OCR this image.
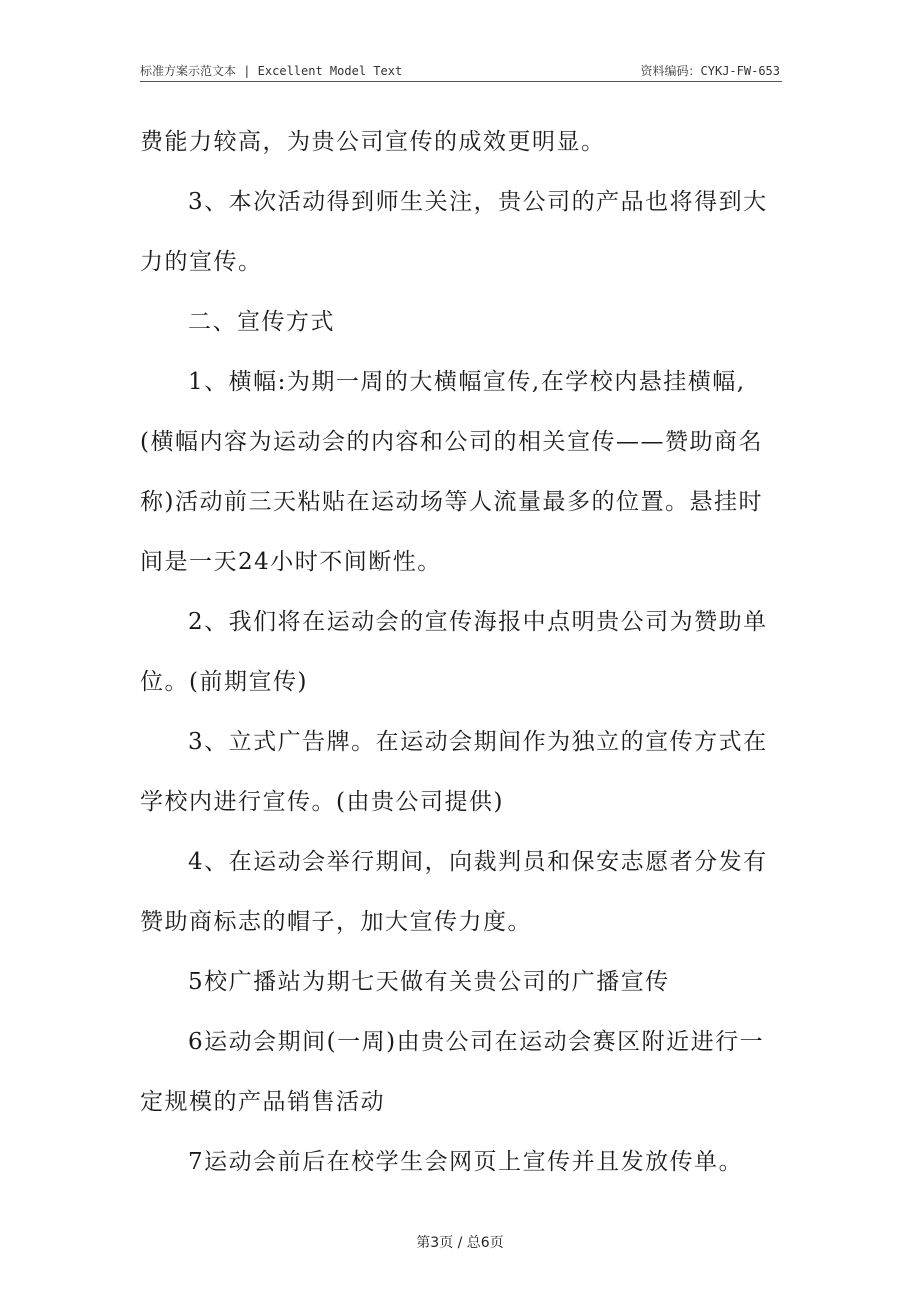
标准方案示范文本 | Excellent Model Text	资料编码：CYKJ-FW-653

费能力较高，为贵公司宣传的成效更明显。

3、本次活动得到师生关注，贵公司的产品也将得到大力的宣传。

二、宣传方式

1、横幅:为期一周的大横幅宣传,在学校内悬挂横幅,(横幅内容为运动会的内容和公司的相关宣传——赞助商名称)活动前三天粘贴在运动场等人流量最多的位置。悬挂时间是一天24小时不间断性。

2、我们将在运动会的宣传海报中点明贵公司为赞助单位。(前期宣传)

3、立式广告牌。在运动会期间作为独立的宣传方式在学校内进行宣传。(由贵公司提供)

4、在运动会举行期间，向裁判员和保安志愿者分发有赞助商标志的帽子，加大宣传力度。

5校广播站为期七天做有关贵公司的广播宣传

6运动会期间(一周)由贵公司在运动会赛区附近进行一定规模的产品销售活动

7运动会前后在校学生会网页上宣传并且发放传单。

第3页 / 总6页
